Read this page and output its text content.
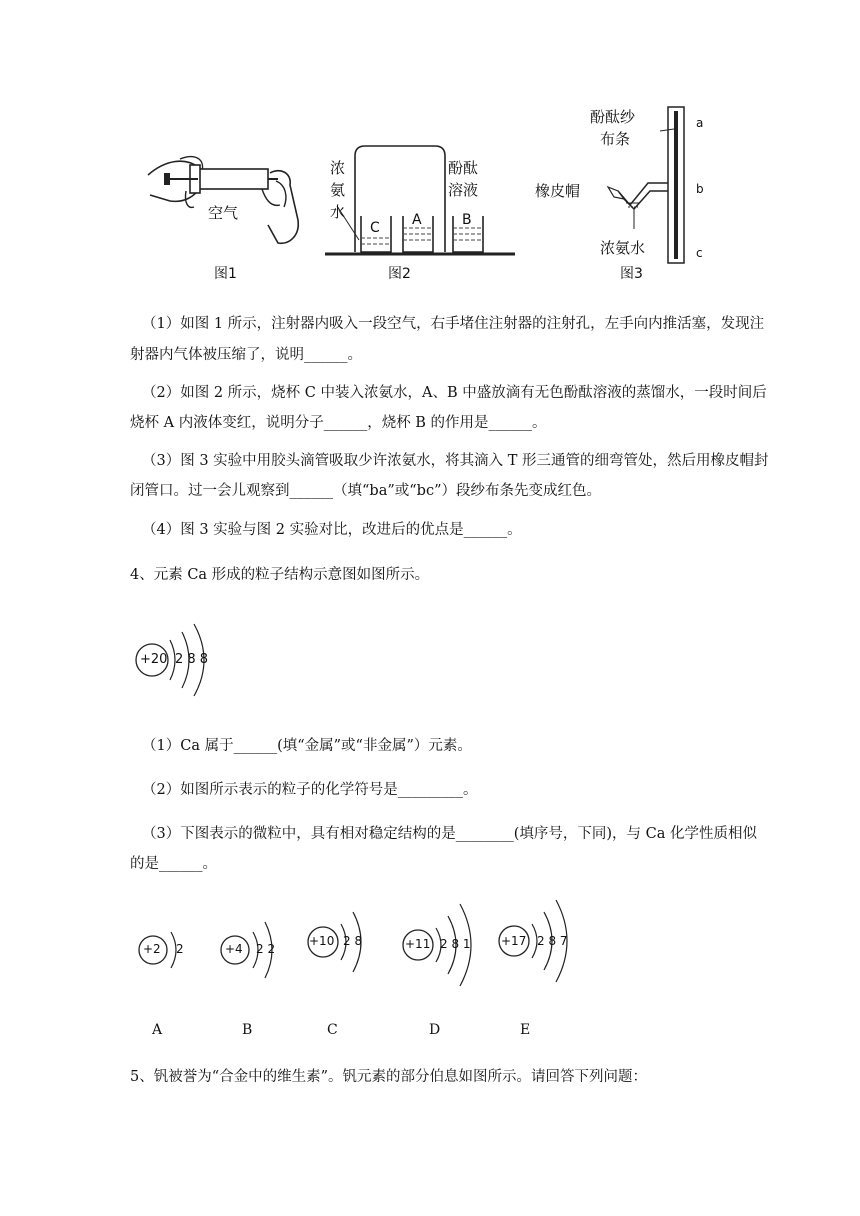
空气
图1
浓
氨
水
酚酞
溶液
C A	B
图2
酚酞纱
布条
橡皮帽
浓氨水
a
b
c
图3
（1）如图 1 所示，注射器内吸入一段空气，右手堵住注射器的注射孔，左手向内推活塞，发现注
射器内气体被压缩了，说明______。
（2）如图 2 所示，烧杯 C 中装入浓氨水，A、B 中盛放滴有无色酚酞溶液的蒸馏水，一段时间后
烧杯 A 内液体变红，说明分子______，烧杯 B 的作用是______。
（3）图 3 实验中用胶头滴管吸取少许浓氨水，将其滴入 T 形三通管的细弯管处，然后用橡皮帽封
闭管口。过一会儿观察到______（填“ba”或“bc”）段纱布条先变成红色。
（4）图 3 实验与图 2 实验对比，改进后的优点是______。
4、元素 Ca 形成的粒子结构示意图如图所示。
+20 2 8 8
（1）Ca 属于______(填“金属”或“非金属”）元素。
（2）如图所示表示的粒子的化学符号是_________。
（3）下图表示的微粒中，具有相对稳定结构的是________(填序号，下同)，与 Ca 化学性质相似
的是______。
+2 2	+4 2 2
+10 2 8	+11 2 8 1	+17 2 8 7
A	B	C	D	E
5、钒被誉为“合金中的维生素”。钒元素的部分伯息如图所示。请回答下列问题：
